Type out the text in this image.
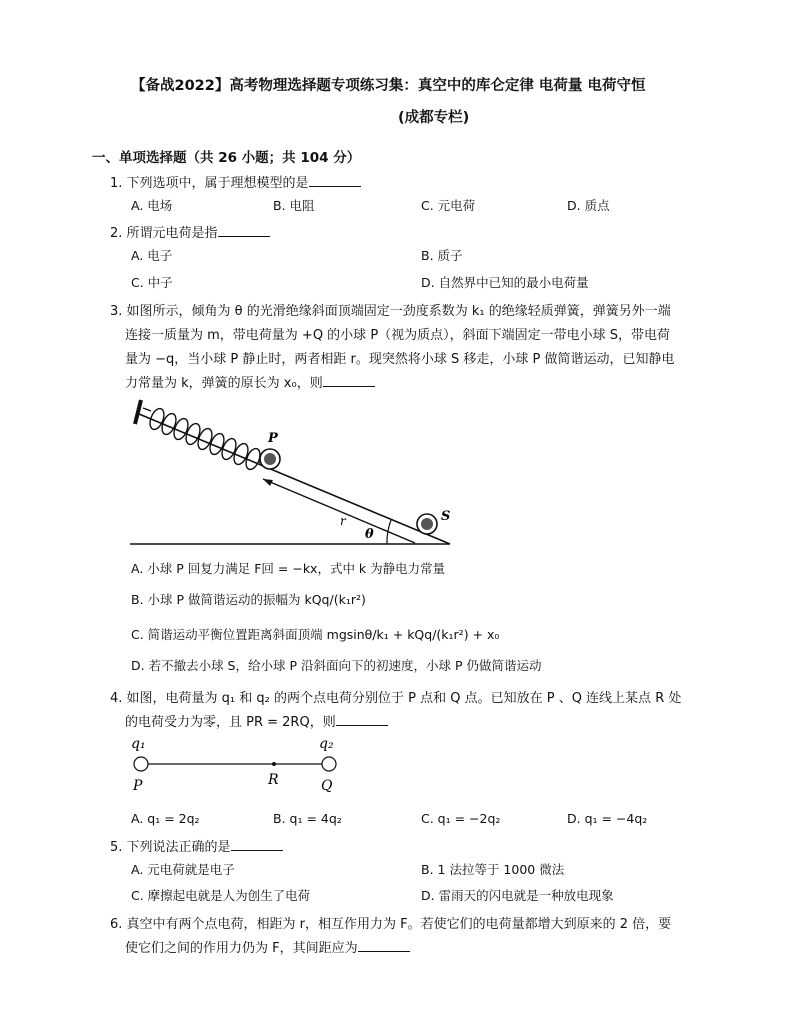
【备战2022】高考物理选择题专项练习集：真空中的库仑定律 电荷量 电荷守恒
(成都专栏)
一、单项选择题（共 26 小题；共 104 分）
1. 下列选项中，属于理想模型的是
A. 电场	B. 电阻	C. 元电荷	D. 质点
2. 所谓元电荷是指
A. 电子	B. 质子
C. 中子	D. 自然界中已知的最小电荷量
3. 如图所示，倾角为 θ 的光滑绝缘斜面顶端固定一劲度系数为 k₁ 的绝缘轻质弹簧，弹簧另外一端
连接一质量为 m，带电荷量为 +Q 的小球 P（视为质点），斜面下端固定一带电小球 S，带电荷
量为 −q，当小球 P 静止时，两者相距 r。现突然将小球 S 移走，小球 P 做简谐运动，已知静电
力常量为 k，弹簧的原长为 x₀，则
P
S
r
θ
A. 小球 P 回复力满足 F回 = −kx，式中 k 为静电力常量
B. 小球 P 做简谐运动的振幅为 kQq/(k₁r²)
C. 简谐运动平衡位置距离斜面顶端 mgsinθ/k₁ + kQq/(k₁r²) + x₀
D. 若不撤去小球 S，给小球 P 沿斜面向下的初速度，小球 P 仍做简谐运动
4. 如图，电荷量为 q₁ 和 q₂ 的两个点电荷分别位于 P 点和 Q 点。已知放在 P 、Q 连线上某点 R 处
的电荷受力为零，且 PR = 2RQ，则
q₁	q₂
P	R	Q
A. q₁ = 2q₂	B. q₁ = 4q₂	C. q₁ = −2q₂	D. q₁ = −4q₂
5. 下列说法正确的是
A. 元电荷就是电子	B. 1 法拉等于 1000 微法
C. 摩擦起电就是人为创生了电荷	D. 雷雨天的闪电就是一种放电现象
6. 真空中有两个点电荷，相距为 r，相互作用力为 F。若使它们的电荷量都增大到原来的 2 倍，要
使它们之间的作用力仍为 F，其间距应为
